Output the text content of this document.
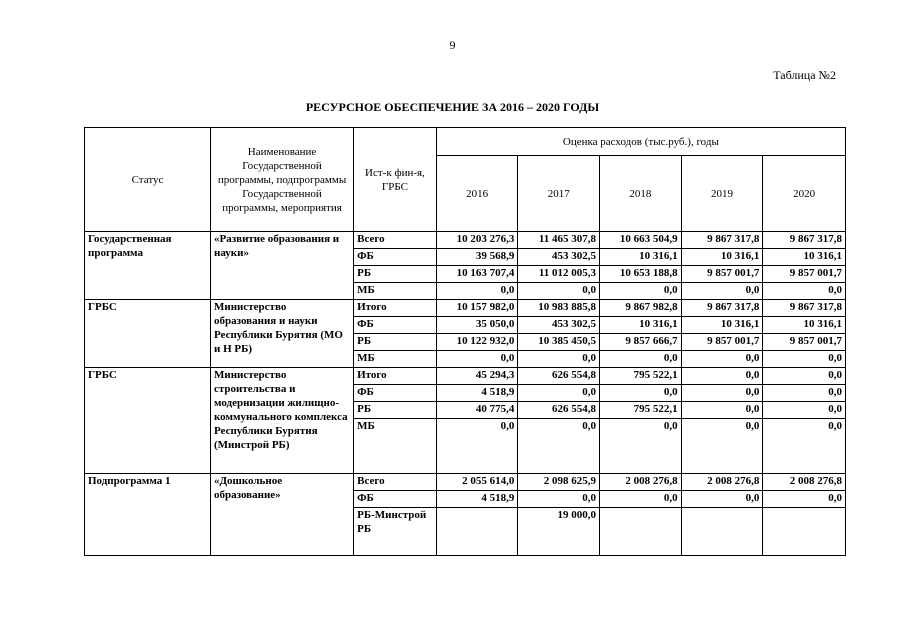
9
Таблица №2
РЕСУРСНОЕ ОБЕСПЕЧЕНИЕ ЗА 2016 – 2020 ГОДЫ
Статус	Наименование Государственной программы, подпрограммы Государственной программы, мероприятия	Ист-к фин-я, ГРБС	Оценка расходов (тыс.руб.), годы				
			2016	2017	2018	2019	2020
Государственная программа	«Развитие образования и науки»	Всего	10 203 276,3	11 465 307,8	10 663 504,9	9 867 317,8	9 867 317,8
		ФБ	39 568,9	453 302,5	10 316,1	10 316,1	10 316,1
		РБ	10 163 707,4	11 012 005,3	10 653 188,8	9 857 001,7	9 857 001,7
		МБ	0,0	0,0	0,0	0,0	0,0
ГРБС	Министерство образования и науки Республики Бурятия (МО и Н РБ)	Итого	10 157 982,0	10 983 885,8	9 867 982,8	9 867 317,8	9 867 317,8
		ФБ	35 050,0	453 302,5	10 316,1	10 316,1	10 316,1
		РБ	10 122 932,0	10 385 450,5	9 857 666,7	9 857 001,7	9 857 001,7
		МБ	0,0	0,0	0,0	0,0	0,0
ГРБС	Министерство строительства и модернизации жилищно-коммунального комплекса Республики Бурятия (Минстрой РБ)	Итого	45 294,3	626 554,8	795 522,1	0,0	0,0
		ФБ	4 518,9	0,0	0,0	0,0	0,0
		РБ	40 775,4	626 554,8	795 522,1	0,0	0,0
		МБ	0,0	0,0	0,0	0,0	0,0
Подпрограмма 1	«Дошкольное образование»	Всего	2 055 614,0	2 098 625,9	2 008 276,8	2 008 276,8	2 008 276,8
		ФБ	4 518,9	0,0	0,0	0,0	0,0
		РБ-Минстрой РБ		19 000,0			
